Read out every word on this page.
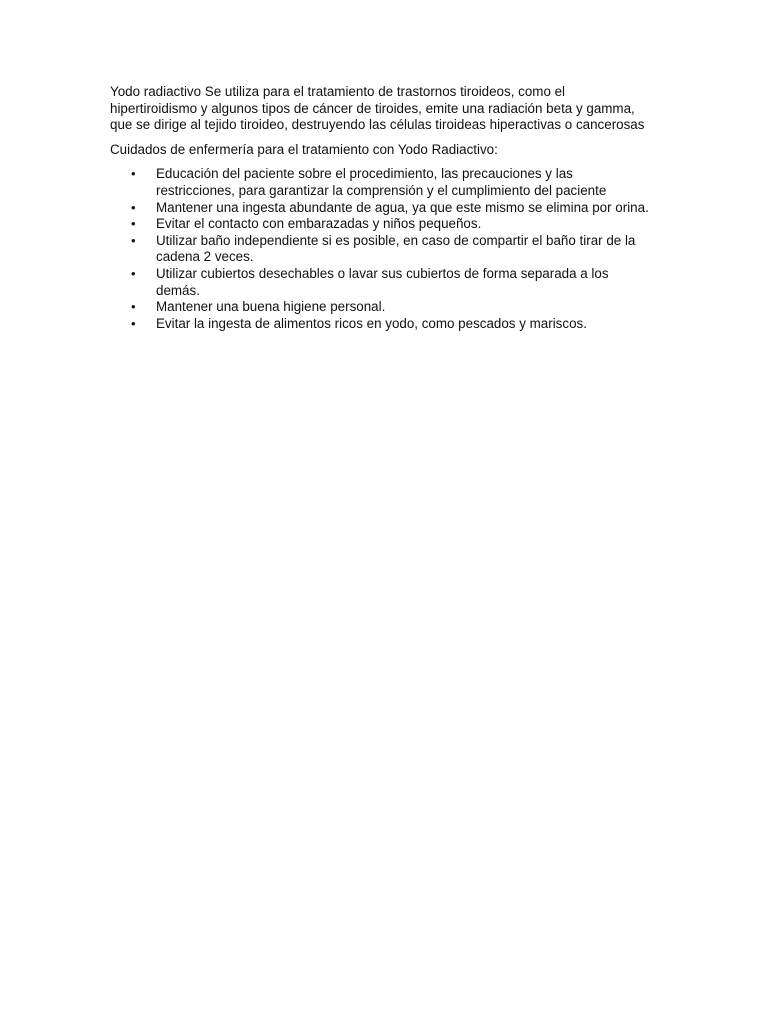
Yodo radiactivo Se utiliza para el tratamiento de trastornos tiroideos, como el hipertiroidismo y algunos tipos de cáncer de tiroides, emite una radiación beta y gamma, que se dirige al tejido tiroideo, destruyendo las células tiroideas hiperactivas o cancerosas

Cuidados de enfermería para el tratamiento con Yodo Radiactivo:

• Educación del paciente sobre el procedimiento, las precauciones y las restricciones, para garantizar la comprensión y el cumplimiento del paciente
• Mantener una ingesta abundante de agua, ya que este mismo se elimina por orina.
• Evitar el contacto con embarazadas y niños pequeños.
• Utilizar baño independiente si es posible, en caso de compartir el baño tirar de la cadena 2 veces.
• Utilizar cubiertos desechables o lavar sus cubiertos de forma separada a los demás.
• Mantener una buena higiene personal.
• Evitar la ingesta de alimentos ricos en yodo, como pescados y mariscos.
